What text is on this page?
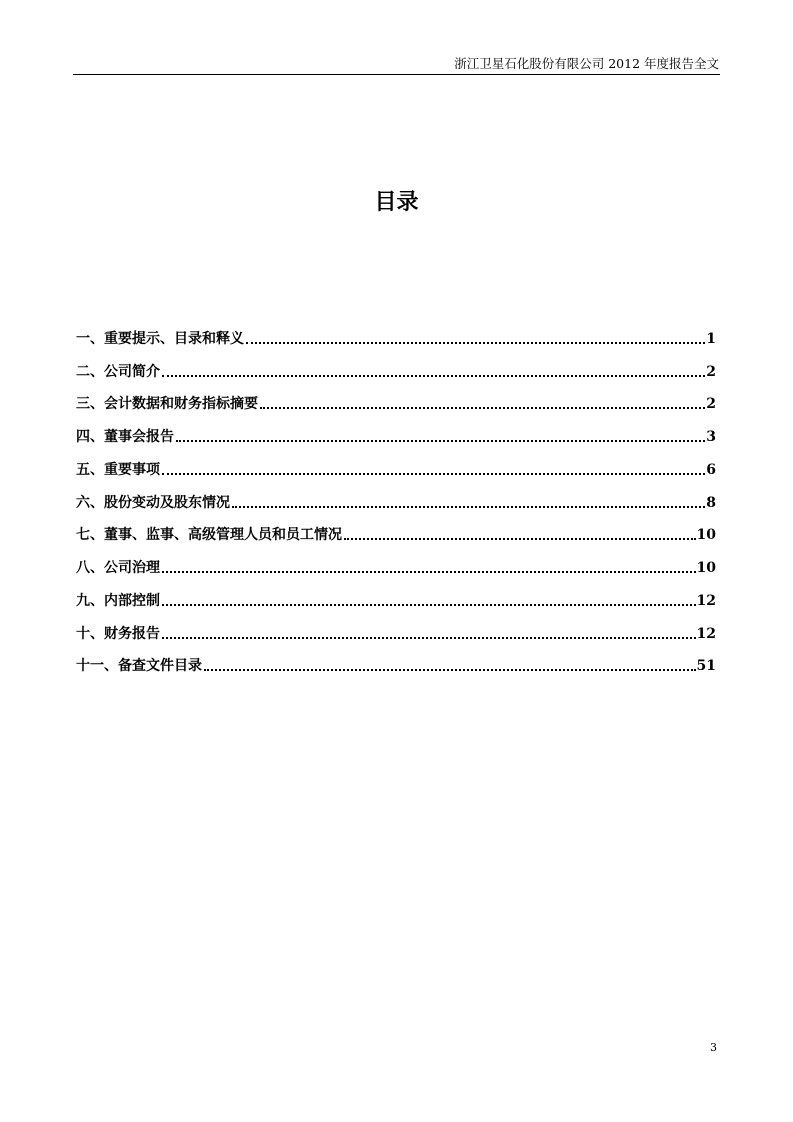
浙江卫星石化股份有限公司 2012 年度报告全文
目录
一、重要提示、目录和释义	1
二、公司简介	2
三、会计数据和财务指标摘要	2
四、董事会报告	3
五、重要事项	6
六、股份变动及股东情况	8
七、董事、监事、高级管理人员和员工情况	10
八、公司治理	10
九、内部控制	12
十、财务报告	12
十一、备查文件目录	51
3
